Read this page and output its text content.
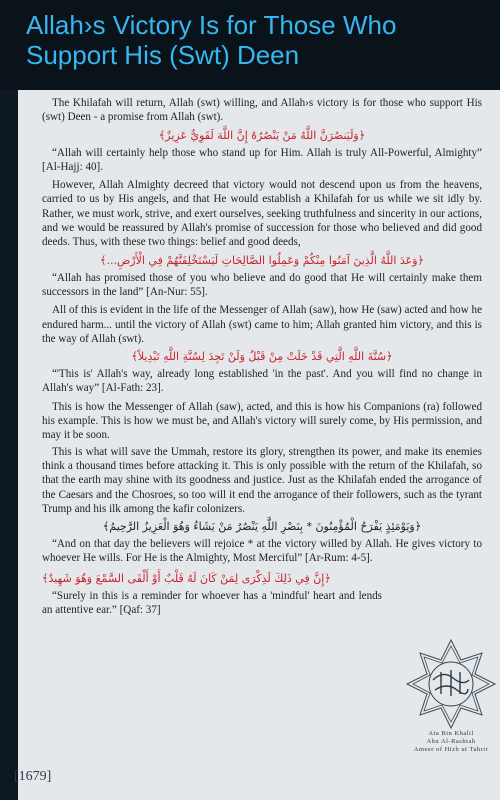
Allah›s Victory Is for Those Who Support His (Swt) Deen

The Khilafah will return, Allah (swt) willing, and Allah›s victory is for those who support His (swt) Deen - a promise from Allah (swt).

﴿وَلَيَنصُرَنَّ اللَّهُ مَنْ يَنْصُرُهُ إِنَّ اللَّهَ لَقَوِيٌّ عَزِيزٌ﴾

“Allah will certainly help those who stand up for Him. Allah is truly All-Powerful, Almighty” [Al-Hajj: 40].

However, Allah Almighty decreed that victory would not descend upon us from the heavens, carried to us by His angels, and that He would establish a Khilafah for us while we sit idly by. Rather, we must work, strive, and exert ourselves, seeking truthfulness and sincerity in our actions, and we would be reassured by Allah's promise of succession for those who believed and did good deeds. Thus, with these two things: belief and good deeds,

﴿وَعَدَ اللَّهُ الَّذِينَ آمَنُوا مِنْكُمْ وَعَمِلُوا الصَّالِحَاتِ لَيَسْتَخْلِفَنَّهُمْ فِي الْأَرْضِ...﴾

“Allah has promised those of you who believe and do good that He will certainly make them successors in the land” [An-Nur: 55].

All of this is evident in the life of the Messenger of Allah (saw), how He (saw) acted and how he endured harm... until the victory of Allah (swt) came to him; Allah granted him victory, and this is the way of Allah (swt).

﴿سُنَّةَ اللَّهِ الَّتِي قَدْ خَلَتْ مِنْ قَبْلُ وَلَنْ تَجِدَ لِسُنَّةِ اللَّهِ تَبْدِيلاً﴾

“'This is' Allah's way, already long established 'in the past'. And you will find no change in Allah's way” [Al-Fath: 23].

This is how the Messenger of Allah (saw), acted, and this is how his Companions (ra) followed his example. This is how we must be, and Allah's victory will surely come, by His permission, and may it be soon.

This is what will save the Ummah, restore its glory, strengthen its power, and make its enemies think a thousand times before attacking it. This is only possible with the return of the Khilafah, so that the earth may shine with its goodness and justice. Just as the Khilafah ended the arrogance of the Caesars and the Chosroes, so too will it end the arrogance of their followers, such as the tyrant Trump and his ilk among the kafir colonizers.

﴿وَيَوْمَئِذٍ يَفْرَحُ الْمُؤْمِنُونَ * بِنَصْرِ اللَّهِ يَنْصُرُ مَنْ يَشَاءُ وَهُوَ الْعَزِيزُ الرَّحِيمُ﴾

“And on that day the believers will rejoice * at the victory willed by Allah. He gives victory to whoever He wills. For He is the Almighty, Most Merciful” [Ar-Rum: 4-5].

﴿إِنَّ فِي ذَلِكَ لَذِكْرَى لِمَنْ كَانَ لَهُ قَلْبٌ أَوْ أَلْقَى السَّمْعَ وَهُوَ شَهِيدٌ﴾

“Surely in this is a reminder for whoever has a 'mindful' heart and lends an attentive ear.” [Qaf: 37]

Ata Bin Khalil
Abu Al-Rashtah
Ameer of Hizb ut Tahrir
[1679]
